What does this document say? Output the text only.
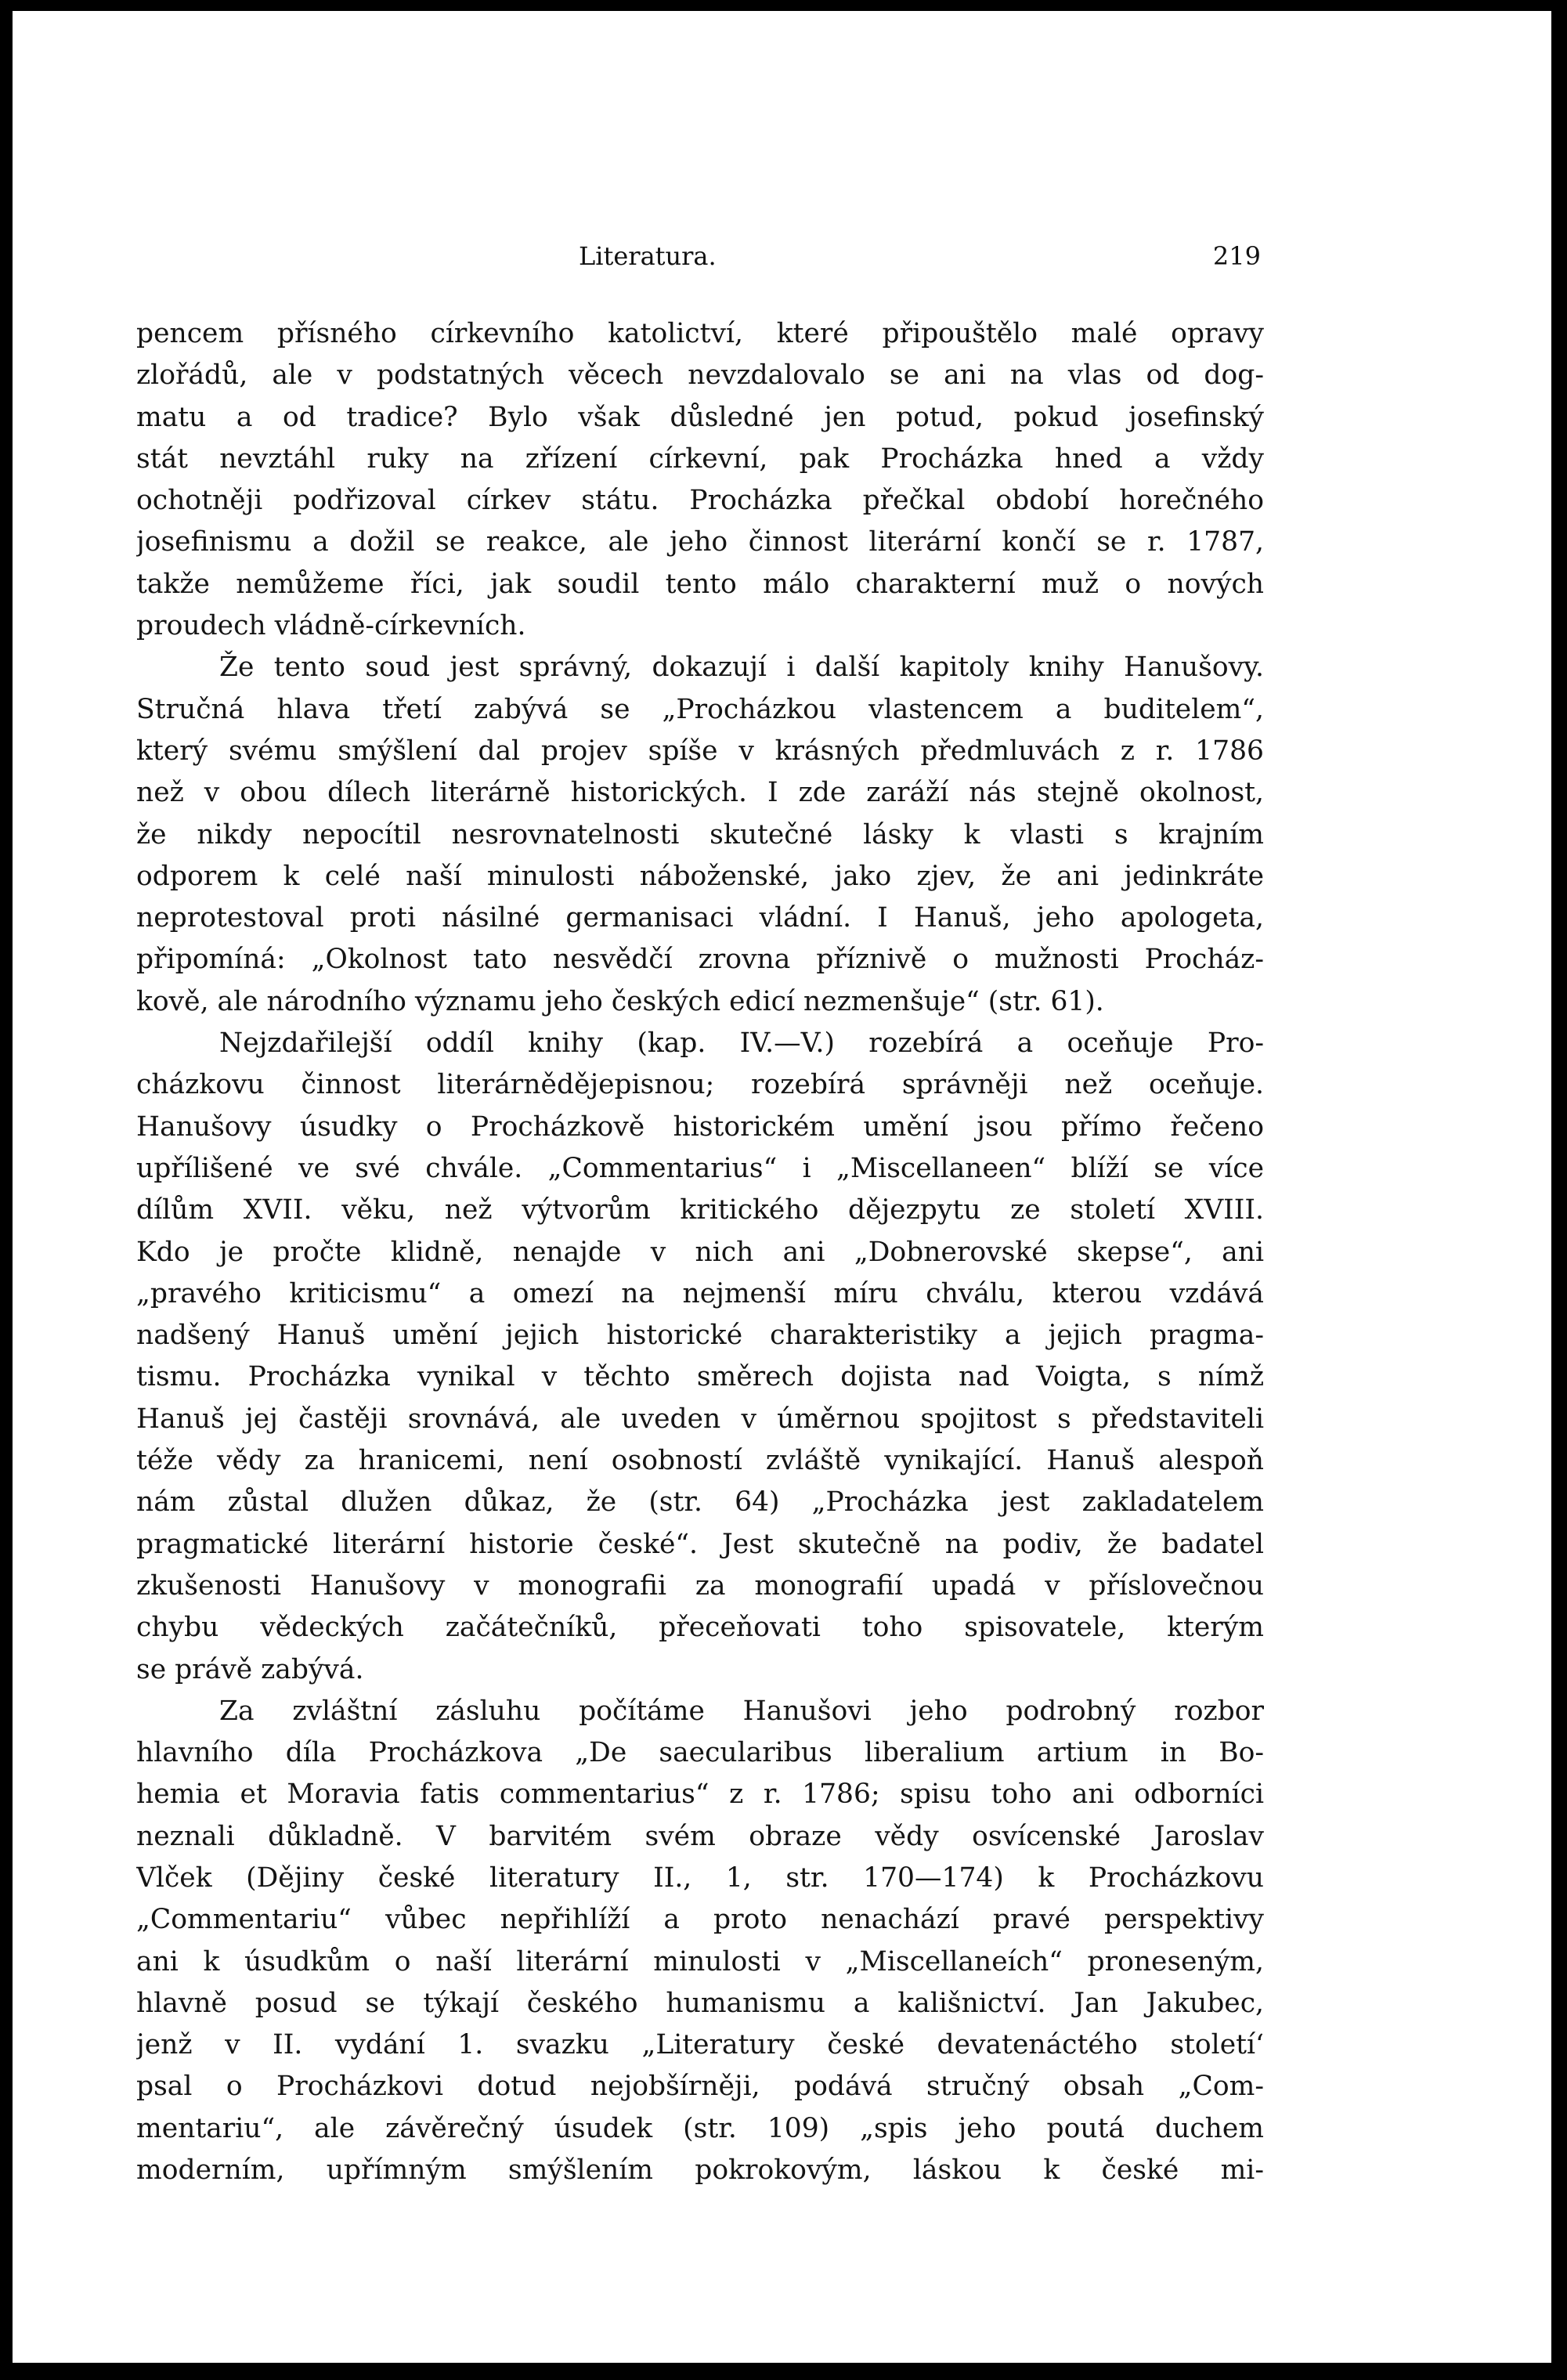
Literatura.	219
pencem přísného církevního katolictví, které připouštělo malé opravy
zlořádů, ale v podstatných věcech nevzdalovalo se ani na vlas od dog-
matu a od tradice? Bylo však důsledné jen potud, pokud josefinský
stát nevztáhl ruky na zřízení církevní, pak Procházka hned a vždy
ochotněji podřizoval církev státu. Procházka přečkal období horečného
josefinismu a dožil se reakce, ale jeho činnost literární končí se r. 1787,
takže nemůžeme říci, jak soudil tento málo charakterní muž o nových
proudech vládně-církevních.
Že tento soud jest správný, dokazují i další kapitoly knihy Hanušovy.
Stručná hlava třetí zabývá se „Procházkou vlastencem a buditelem“,
který svému smýšlení dal projev spíše v krásných předmluvách z r. 1786
než v obou dílech literárně historických. I zde zaráží nás stejně okolnost,
že nikdy nepocítil nesrovnatelnosti skutečné lásky k vlasti s krajním
odporem k celé naší minulosti náboženské, jako zjev, že ani jedinkráte
neprotestoval proti násilné germanisaci vládní. I Hanuš, jeho apologeta,
připomíná: „Okolnost tato nesvědčí zrovna příznivě o mužnosti Procház-
kově, ale národního významu jeho českých edicí nezmenšuje“ (str. 61).
Nejzdařilejší oddíl knihy (kap. IV.—V.) rozebírá a oceňuje Pro-
cházkovu činnost literárnědějepisnou; rozebírá správněji než oceňuje.
Hanušovy úsudky o Procházkově historickém umění jsou přímo řečeno
upřílišené ve své chvále. „Commentarius“ i „Miscellaneen“ blíží se více
dílům XVII. věku, než výtvorům kritického dějezpytu ze století XVIII.
Kdo je pročte klidně, nenajde v nich ani „Dobnerovské skepse“, ani
„pravého kriticismu“ a omezí na nejmenší míru chválu, kterou vzdává
nadšený Hanuš umění jejich historické charakteristiky a jejich pragma-
tismu. Procházka vynikal v těchto směrech dojista nad Voigta, s nímž
Hanuš jej častěji srovnává, ale uveden v úměrnou spojitost s představiteli
téže vědy za hranicemi, není osobností zvláště vynikající. Hanuš alespoň
nám zůstal dlužen důkaz, že (str. 64) „Procházka jest zakladatelem
pragmatické literární historie české“. Jest skutečně na podiv, že badatel
zkušenosti Hanušovy v monografii za monografií upadá v příslovečnou
chybu vědeckých začátečníků, přeceňovati toho spisovatele, kterým
se právě zabývá.
Za zvláštní zásluhu počítáme Hanušovi jeho podrobný rozbor
hlavního díla Procházkova „De saecularibus liberalium artium in Bo-
hemia et Moravia fatis commentarius“ z r. 1786; spisu toho ani odborníci
neznali důkladně. V barvitém svém obraze vědy osvícenské Jaroslav
Vlček (Dějiny české literatury II., 1, str. 170—174) k Procházkovu
„Commentariu“ vůbec nepřihlíží a proto nenachází pravé perspektivy
ani k úsudkům o naší literární minulosti v „Miscellaneích“ proneseným,
hlavně posud se týkají českého humanismu a kališnictví. Jan Jakubec,
jenž v II. vydání 1. svazku „Literatury české devatenáctého století‘
psal o Procházkovi dotud nejobšírněji, podává stručný obsah „Com-
mentariu“, ale závěrečný úsudek (str. 109) „spis jeho poutá duchem
moderním, upřímným smýšlením pokrokovým, láskou k české mi-
